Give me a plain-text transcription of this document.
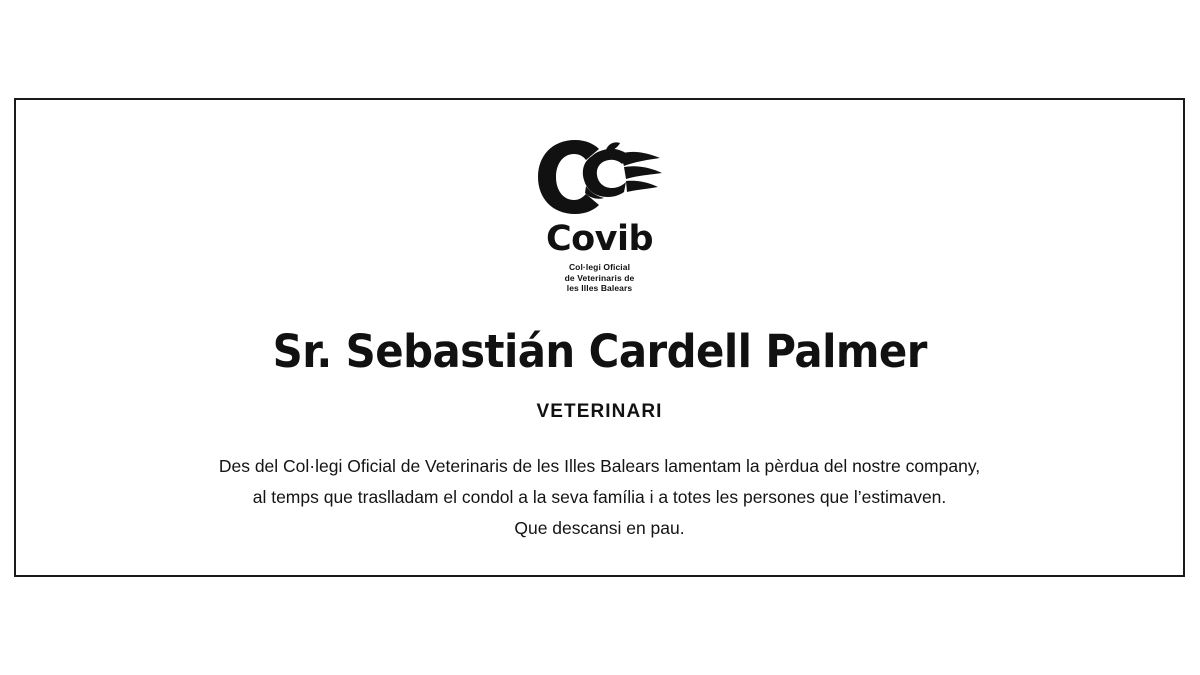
Covib
Col·legi Oficial
de Veterinaris de
les Illes Balears
Sr. Sebastián Cardell Palmer
VETERINARI
Des del Col·legi Oficial de Veterinaris de les Illes Balears lamentam la pèrdua del nostre company,
al temps que traslladam el condol a la seva família i a totes les persones que l’estimaven.
Que descansi en pau.
